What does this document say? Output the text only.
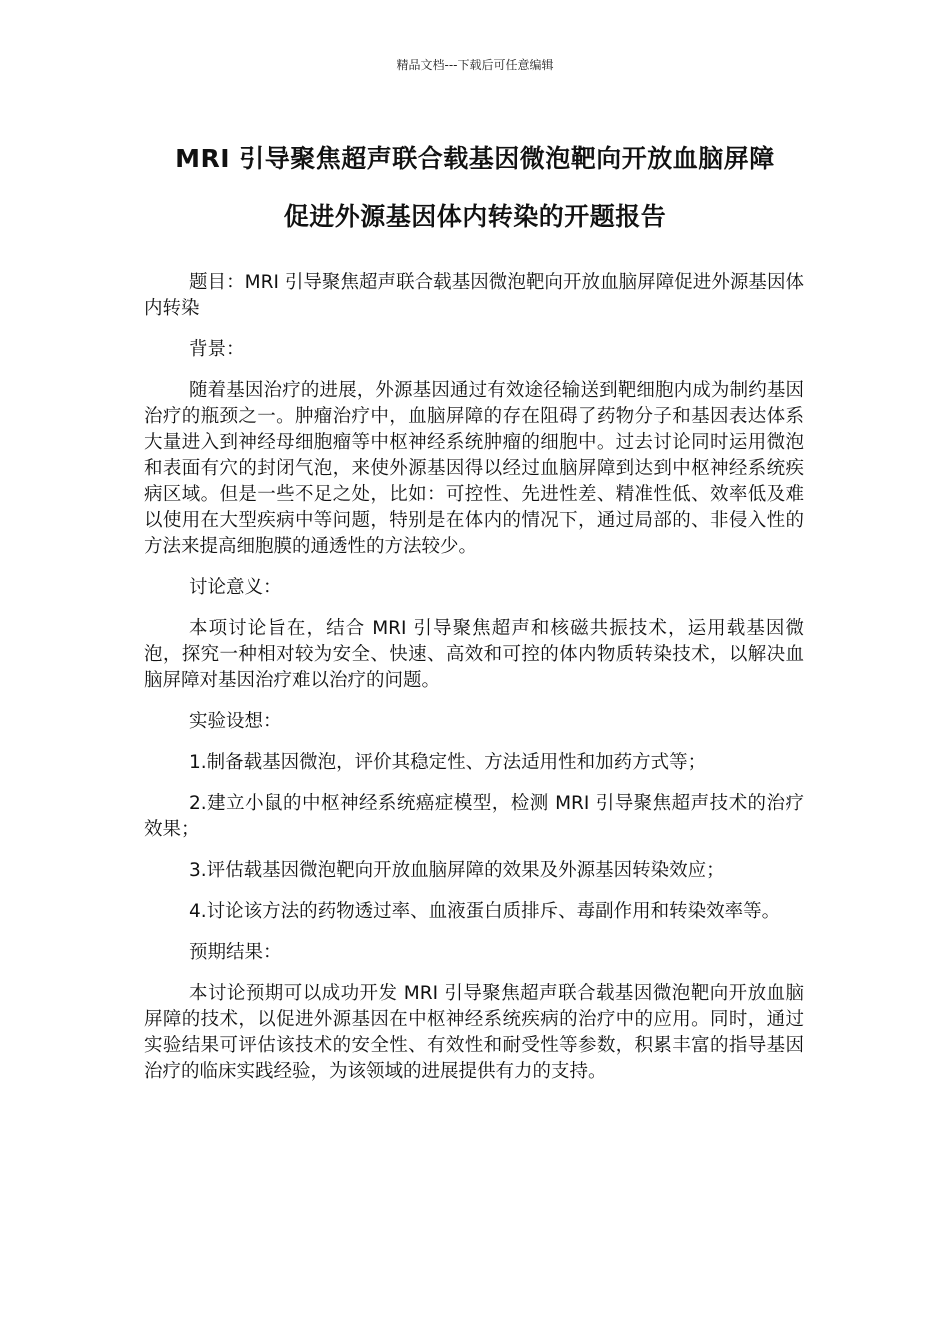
精品文档---下载后可任意编辑
MRI 引导聚焦超声联合载基因微泡靶向开放血脑屏障
促进外源基因体内转染的开题报告

题目：MRI 引导聚焦超声联合载基因微泡靶向开放血脑屏障促进外源基因体内转染

背景：

随着基因治疗的进展，外源基因通过有效途径输送到靶细胞内成为制约基因治疗的瓶颈之一。肿瘤治疗中，血脑屏障的存在阻碍了药物分子和基因表达体系大量进入到神经母细胞瘤等中枢神经系统肿瘤的细胞中。过去讨论同时运用微泡和表面有穴的封闭气泡，来使外源基因得以经过血脑屏障到达到中枢神经系统疾病区域。但是一些不足之处，比如：可控性、先进性差、精准性低、效率低及难以使用在大型疾病中等问题，特别是在体内的情况下，通过局部的、非侵入性的方法来提高细胞膜的通透性的方法较少。

讨论意义：

本项讨论旨在，结合 MRI 引导聚焦超声和核磁共振技术，运用载基因微泡，探究一种相对较为安全、快速、高效和可控的体内物质转染技术，以解决血脑屏障对基因治疗难以治疗的问题。

实验设想：

1.制备载基因微泡，评价其稳定性、方法适用性和加药方式等；

2.建立小鼠的中枢神经系统癌症模型，检测 MRI 引导聚焦超声技术的治疗效果；

3.评估载基因微泡靶向开放血脑屏障的效果及外源基因转染效应；

4.讨论该方法的药物透过率、血液蛋白质排斥、毒副作用和转染效率等。

预期结果：

本讨论预期可以成功开发 MRI 引导聚焦超声联合载基因微泡靶向开放血脑屏障的技术，以促进外源基因在中枢神经系统疾病的治疗中的应用。同时，通过实验结果可评估该技术的安全性、有效性和耐受性等参数，积累丰富的指导基因治疗的临床实践经验，为该领域的进展提供有力的支持。
